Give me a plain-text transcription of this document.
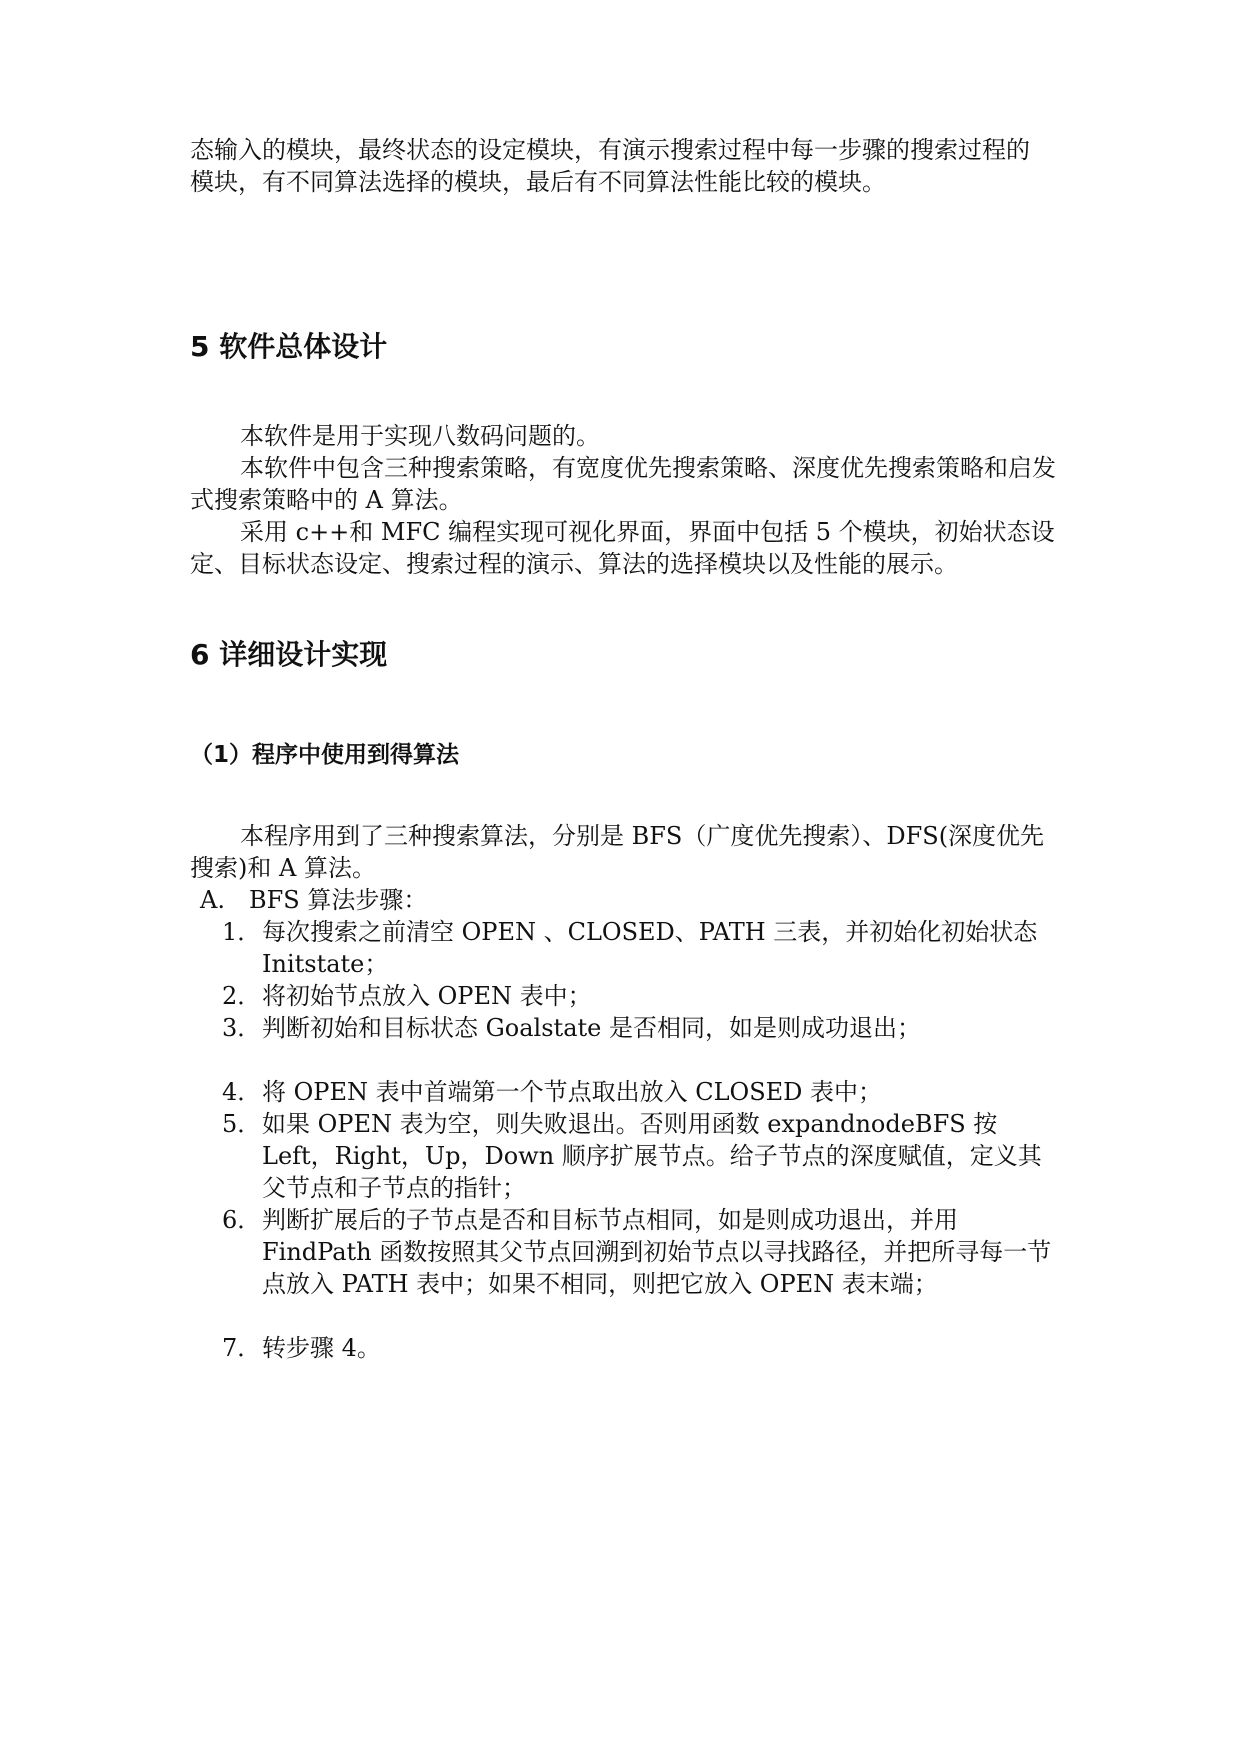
态输入的模块，最终状态的设定模块，有演示搜索过程中每一步骤的搜索过程的

模块，有不同算法选择的模块，最后有不同算法性能比较的模块。

5 软件总体设计

本软件是用于实现八数码问题的。

本软件中包含三种搜索策略，有宽度优先搜索策略、深度优先搜索策略和启发式搜索策略中的 A 算法。

采用 c++和 MFC 编程实现可视化界面，界面中包括 5 个模块，初始状态设定、目标状态设定、搜索过程的演示、算法的选择模块以及性能的展示。

6 详细设计实现
（1）程序中使用到得算法

本程序用到了三种搜索算法，分别是 BFS（广度优先搜索）、DFS(深度优先搜索)和 A 算法。

A.　BFS 算法步骤：
1． 每次搜索之前清空 OPEN 、CLOSED、PATH 三表，并初始化初始状态 Initstate；
2． 将初始节点放入 OPEN 表中；
3． 判断初始和目标状态 Goalstate 是否相同，如是则成功退出；
4． 将 OPEN 表中首端第一个节点取出放入 CLOSED 表中；
5． 如果 OPEN 表为空，则失败退出。否则用函数 expandnodeBFS 按 Left，Right，Up，Down 顺序扩展节点。给子节点的深度赋值，定义其父节点和子节点的指针；
6． 判断扩展后的子节点是否和目标节点相同，如是则成功退出，并用 FindPath 函数按照其父节点回溯到初始节点以寻找路径，并把所寻每一节点放入 PATH 表中；如果不相同，则把它放入 OPEN 表末端；
7． 转步骤 4。
